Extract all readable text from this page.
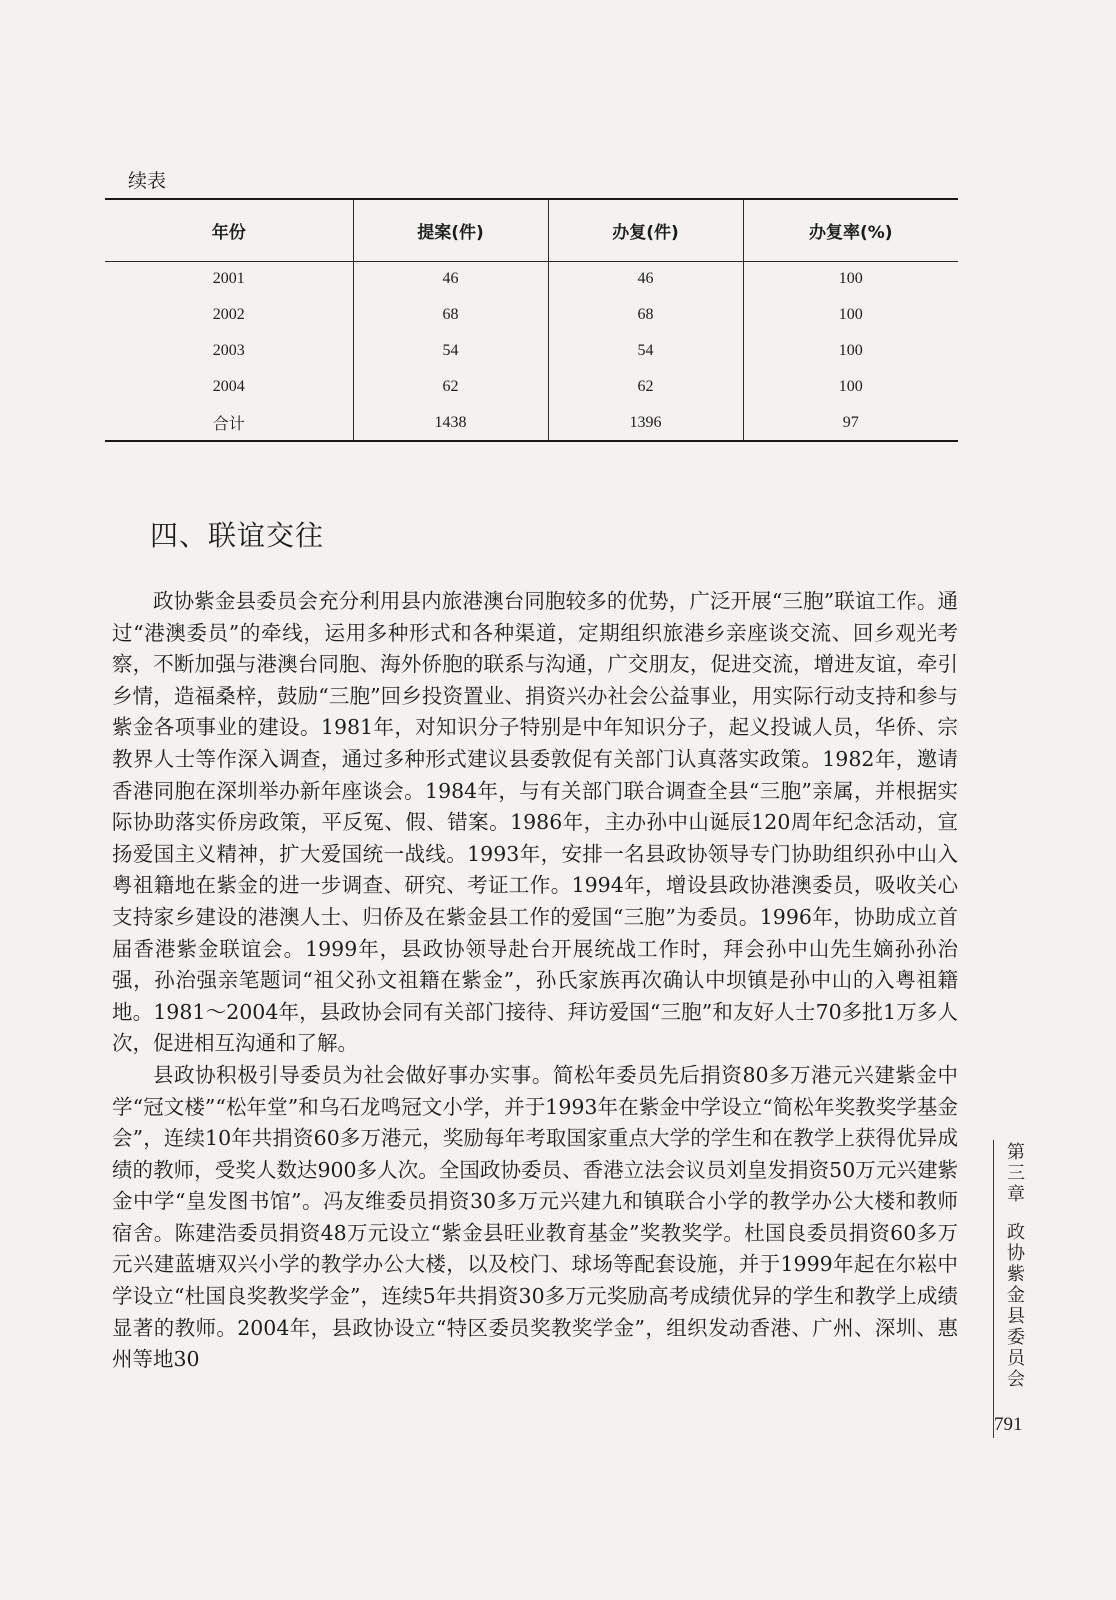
续表
年份	提案(件)	办复(件)	办复率(%)
2001	46	46	100
2002	68	68	100
2003	54	54	100
2004	62	62	100
合计	1438	1396	97
四、联谊交往

政协紫金县委员会充分利用县内旅港澳台同胞较多的优势，广泛开展“三胞”联谊工作。通过“港澳委员”的牵线，运用多种形式和各种渠道，定期组织旅港乡亲座谈交流、回乡观光考察，不断加强与港澳台同胞、海外侨胞的联系与沟通，广交朋友，促进交流，增进友谊，牵引乡情，造福桑梓，鼓励“三胞”回乡投资置业、捐资兴办社会公益事业，用实际行动支持和参与紫金各项事业的建设。1981年，对知识分子特别是中年知识分子，起义投诚人员，华侨、宗教界人士等作深入调查，通过多种形式建议县委敦促有关部门认真落实政策。1982年，邀请香港同胞在深圳举办新年座谈会。1984年，与有关部门联合调查全县“三胞”亲属，并根据实际协助落实侨房政策，平反冤、假、错案。1986年，主办孙中山诞辰120周年纪念活动，宣扬爱国主义精神，扩大爱国统一战线。1993年，安排一名县政协领导专门协助组织孙中山入粤祖籍地在紫金的进一步调查、研究、考证工作。1994年，增设县政协港澳委员，吸收关心支持家乡建设的港澳人士、归侨及在紫金县工作的爱国“三胞”为委员。1996年，协助成立首届香港紫金联谊会。1999年，县政协领导赴台开展统战工作时，拜会孙中山先生嫡孙孙治强，孙治强亲笔题词“祖父孙文祖籍在紫金”，孙氏家族再次确认中坝镇是孙中山的入粤祖籍地。1981～2004年，县政协会同有关部门接待、拜访爱国“三胞”和友好人士70多批1万多人次，促进相互沟通和了解。

县政协积极引导委员为社会做好事办实事。简松年委员先后捐资80多万港元兴建紫金中学“冠文楼”“松年堂”和乌石龙鸣冠文小学，并于1993年在紫金中学设立“简松年奖教奖学基金会”，连续10年共捐资60多万港元，奖励每年考取国家重点大学的学生和在教学上获得优异成绩的教师，受奖人数达900多人次。全国政协委员、香港立法会议员刘皇发捐资50万元兴建紫金中学“皇发图书馆”。冯友维委员捐资30多万元兴建九和镇联合小学的教学办公大楼和教师宿舍。陈建浩委员捐资48万元设立“紫金县旺业教育基金”奖教奖学。杜国良委员捐资60多万元兴建蓝塘双兴小学的教学办公大楼，以及校门、球场等配套设施，并于1999年起在尔崧中学设立“杜国良奖教奖学金”，连续5年共捐资30多万元奖励高考成绩优异的学生和教学上成绩显著的教师。2004年，县政协设立“特区委员奖教奖学金”，组织发动香港、广州、深圳、惠州等地30

第三章
政协紫金县委员会
791
